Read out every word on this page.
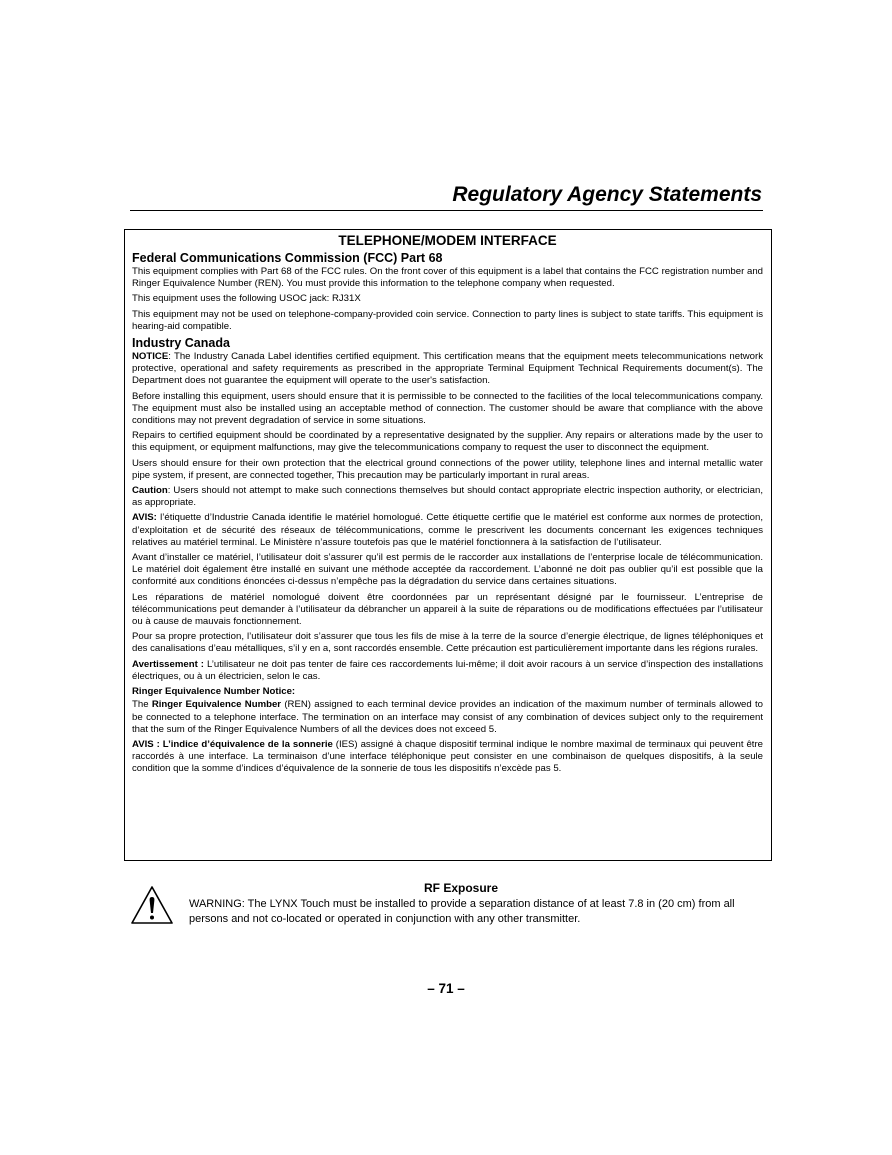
Regulatory Agency Statements
TELEPHONE/MODEM INTERFACE
Federal Communications Commission (FCC) Part 68

This equipment complies with Part 68 of the FCC rules. On the front cover of this equipment is a label that contains the FCC registration number and Ringer Equivalence Number (REN). You must provide this information to the telephone company when requested.

This equipment uses the following USOC jack: RJ31X

This equipment may not be used on telephone-company-provided coin service. Connection to party lines is subject to state tariffs. This equipment is hearing-aid compatible.

Industry Canada

NOTICE: The Industry Canada Label identifies certified equipment. This certification means that the equipment meets telecommunications network protective, operational and safety requirements as prescribed in the appropriate Terminal Equipment Technical Requirements document(s). The Department does not guarantee the equipment will operate to the user's satisfaction.

Before installing this equipment, users should ensure that it is permissible to be connected to the facilities of the local telecommunications company. The equipment must also be installed using an acceptable method of connection. The customer should be aware that compliance with the above conditions may not prevent degradation of service in some situations.

Repairs to certified equipment should be coordinated by a representative designated by the supplier. Any repairs or alterations made by the user to this equipment, or equipment malfunctions, may give the telecommunications company to request the user to disconnect the equipment.

Users should ensure for their own protection that the electrical ground connections of the power utility, telephone lines and internal metallic water pipe system, if present, are connected together, This precaution may be particularly important in rural areas.

Caution: Users should not attempt to make such connections themselves but should contact appropriate electric inspection authority, or electrician, as appropriate.

AVIS: l’étiquette d’Industrie Canada identifie le matériel homologué. Cette étiquette certifie que le matériel est conforme aux normes de protection, d’exploitation et de sécurité des réseaux de télécommunications, comme le prescrivent les documents concernant les exigences techniques relatives au matériel terminal. Le Ministère n’assure toutefois pas que le matériel fonctionnera à la satisfaction de l’utilisateur.

Avant d’installer ce matériel, l’utilisateur doit s’assurer qu’il est permis de le raccorder aux installations de l’enterprise locale de télécommunication. Le matériel doit également être installé en suivant une méthode acceptée da raccordement. L’abonné ne doit pas oublier qu’il est possible que la conformité aux conditions énoncées ci-dessus n’empêche pas la dégradation du service dans certaines situations.

Les réparations de matériel nomologué doivent être coordonnées par un représentant désigné par le fournisseur. L’entreprise de télécommunications peut demander à l’utilisateur da débrancher un appareil à la suite de réparations ou de modifications effectuées par l’utilisateur ou à cause de mauvais fonctionnement.

Pour sa propre protection, l’utilisateur doit s’assurer que tous les fils de mise à la terre de la source d’energie électrique, de lignes téléphoniques et des canalisations d’eau métalliques, s’il y en a, sont raccordés ensemble. Cette précaution est particulièrement importante dans les régions rurales.

Avertissement : L’utilisateur ne doit pas tenter de faire ces raccordements lui-même; il doit avoir racours à un service d’inspection des installations électriques, ou à un électricien, selon le cas.

Ringer Equivalence Number Notice:

The Ringer Equivalence Number (REN) assigned to each terminal device provides an indication of the maximum number of terminals allowed to be connected to a telephone interface. The termination on an interface may consist of any combination of devices subject only to the requirement that the sum of the Ringer Equivalence Numbers of all the devices does not exceed 5.

AVIS : L’indice d’équivalence de la sonnerie (IES) assigné à chaque dispositif terminal indique le nombre maximal de terminaux qui peuvent être raccordés à une interface. La terminaison d’une interface téléphonique peut consister en une combinaison de quelques dispositifs, à la seule condition que la somme d’indices d’équivalence de la sonnerie de tous les dispositifs n’excède pas 5.

RF Exposure
WARNING: The LYNX Touch must be installed to provide a separation distance of at least 7.8 in (20 cm) from all persons and not co-located or operated in conjunction with any other transmitter.
– 71 –
